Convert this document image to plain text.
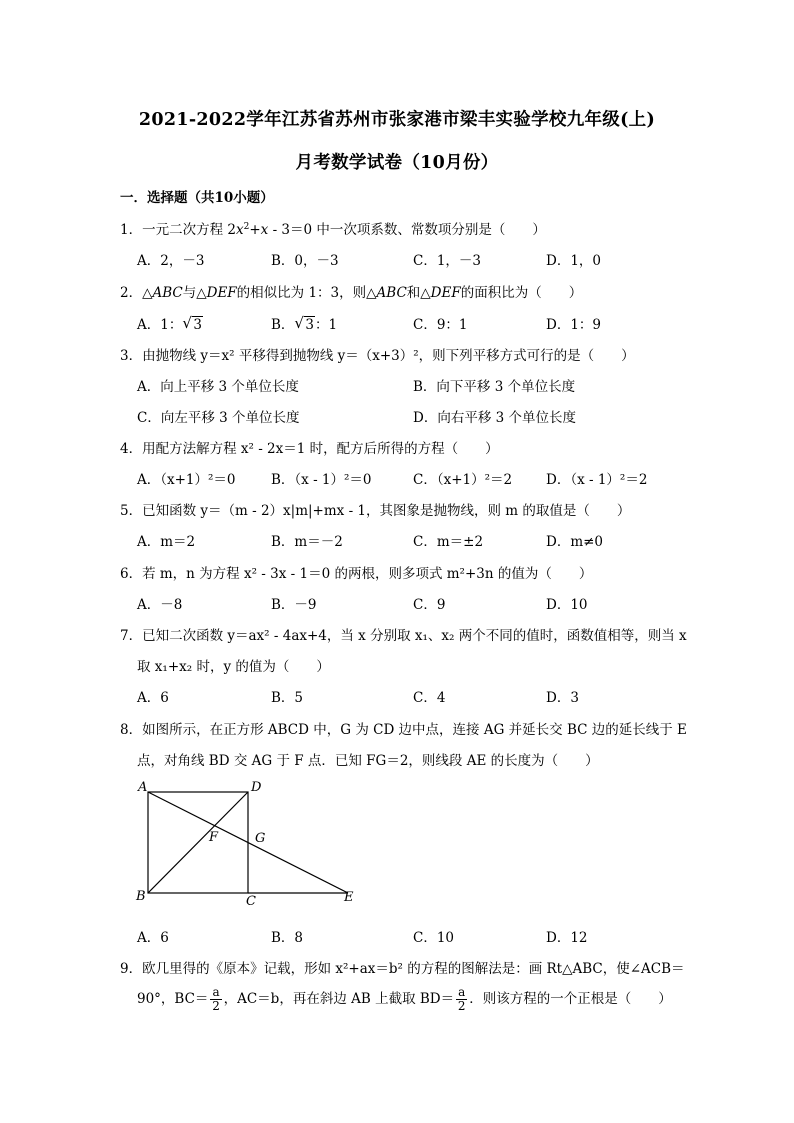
2021-2022学年江苏省苏州市张家港市梁丰实验学校九年级(上)
月考数学试卷（10月份）
一．选择题（共10小题）
1．一元二次方程 $2x^2+x - 3=0$ 中一次项系数、常数项分别是（　　）
A．2，－3	B．0，－3	C．1，－3	D．1，0
2．△ABC与△DEF的相似比为 1：3，则△ABC和△DEF的面积比为（　　）
A．1： √ 3	B． √ 3：1	C．9：1	D．1：9
3．由抛物线 y＝x² 平移得到抛物线 y＝（x+3）²，则下列平移方式可行的是（　　）
A．向上平移 3 个单位长度	B．向下平移 3 个单位长度
C．向左平移 3 个单位长度	D．向右平移 3 个单位长度
4．用配方法解方程 x² - 2x＝1 时，配方后所得的方程（　　）
A．（x+1）²＝0	B．（x - 1）²＝0	C．（x+1）²＝2	D．（x - 1）²＝2
5．已知函数 y＝（m - 2）x|m|+mx - 1，其图象是抛物线，则 m 的取值是（　　）
A．m＝2	B．m＝－2	C．m＝±2	D．m≠0
6．若 m，n 为方程 x² - 3x - 1＝0 的两根，则多项式 m²+3n 的值为（　　）
A．－8	B．－9	C．9	D．10
7．已知二次函数 y＝ax² - 4ax+4，当 x 分别取 x₁、x₂ 两个不同的值时，函数值相等，则当 x
取 x₁+x₂ 时，y 的值为（　　）
A．6	B．5	C．4	D．3
8．如图所示，在正方形 ABCD 中，G 为 CD 边中点，连接 AG 并延长交 BC 边的延长线于 E
点，对角线 BD 交 AG 于 F 点．已知 FG＝2，则线段 AE 的长度为（　　）
A	D
F	G
B	C	E
A．6	B．8	C．10	D．12
9．欧几里得的《原本》记载，形如 x²+ax＝b² 的方程的图解法是：画 Rt△ABC，使∠ACB＝
90°，$BC= \frac{a}{2}$ ，AC＝b，再在斜边 AB 上截取 $BD= \frac{a}{2}$ ．则该方程的一个正根是（　　）
